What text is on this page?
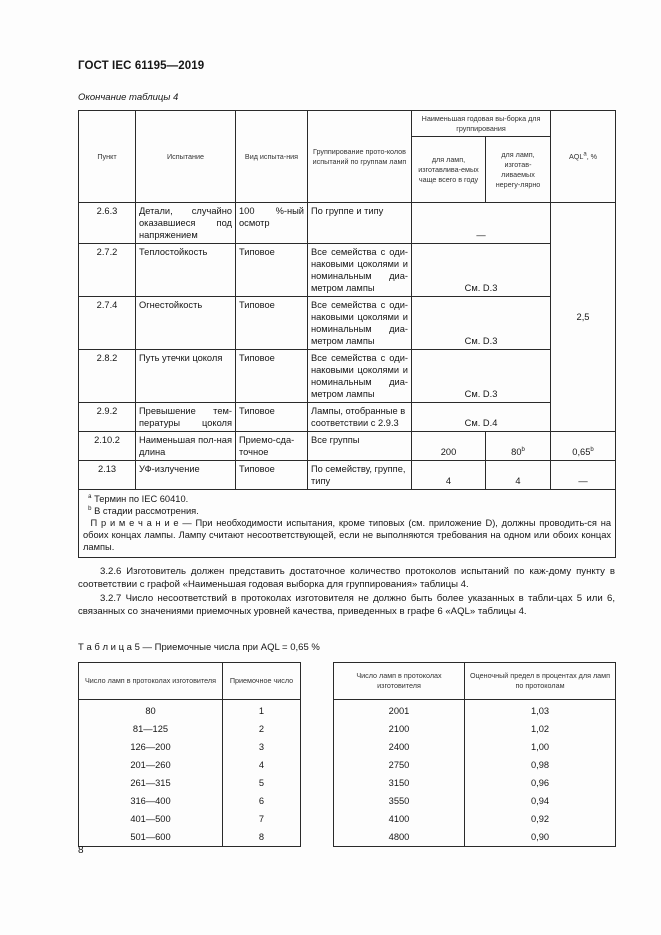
ГОСТ IEC 61195—2019
Окончание таблицы 4
Пункт	Испытание	Вид испыта-ния	Группирование прото-колов испытаний по группам ламп	Наименьшая годовая вы-борка для группирования		AQL$^a$, %
				для ламп, изготавлива-емых чаще всего в году	для ламп, изготав-ливаемых нерегу-лярно	
2.6.3	Детали, случайно оказавшиеся под напряжением	100 %-ный осмотр	По группе и типу	—		2,5
2.7.2	Теплостойкость	Типовое	Все семейства с оди-наковыми цоколями и номинальным диа-метром лампы	См. D.3		
2.7.4	Огнестойкость	Типовое	Все семейства с оди-наковыми цоколями и номинальным диа-метром лампы	См. D.3		
2.8.2	Путь утечки цоколя	Типовое	Все семейства с оди-наковыми цоколями и номинальным диа-метром лампы	См. D.3		
2.9.2	Превышение тем-пературы цоколя	Типовое	Лампы, отобранные в соответствии с 2.9.3	См. D.4		
2.10.2	Наименьшая пол-ная длина	Приемо-сда-точное	Все группы	200	80$^b$	0,65$^b$
2.13	УФ-излучение	Типовое	По семейству, группе, типу	4	4	—

$^a$ Термин по IEC 60410.
$^b$ В стадии рассмотрения.
П р и м е ч а н и е — При необходимости испытания, кроме типовых (см. приложение D), должны проводить-ся на обоих концах лампы. Лампу считают несоответствующей, если не выполняются требования на одном или обоих концах лампы.						
3.2.6 Изготовитель должен представить достаточное количество протоколов испытаний по каж-дому пункту в соответствии с графой «Наименьшая годовая выборка для группирования» таблицы 4.
3.2.7 Число несоответствий в протоколах изготовителя не должно быть более указанных в табли-цах 5 или 6, связанных со значениями приемочных уровней качества, приведенных в графе 6 «AQL» таблицы 4.
Т а б л и ц а 5 — Приемочные числа при AQL = 0,65 %
Число ламп в протоколах изготовителя	Приемочное число
80	1
81—125	2
126—200	3
201—260	4
261—315	5
316—400	6
401—500	7
501—600	8
Число ламп в протоколах изготовителя	Оценочный предел в процентах для ламп по протоколам
2001	1,03
2100	1,02
2400	1,00
2750	0,98
3150	0,96
3550	0,94
4100	0,92
4800	0,90
8
